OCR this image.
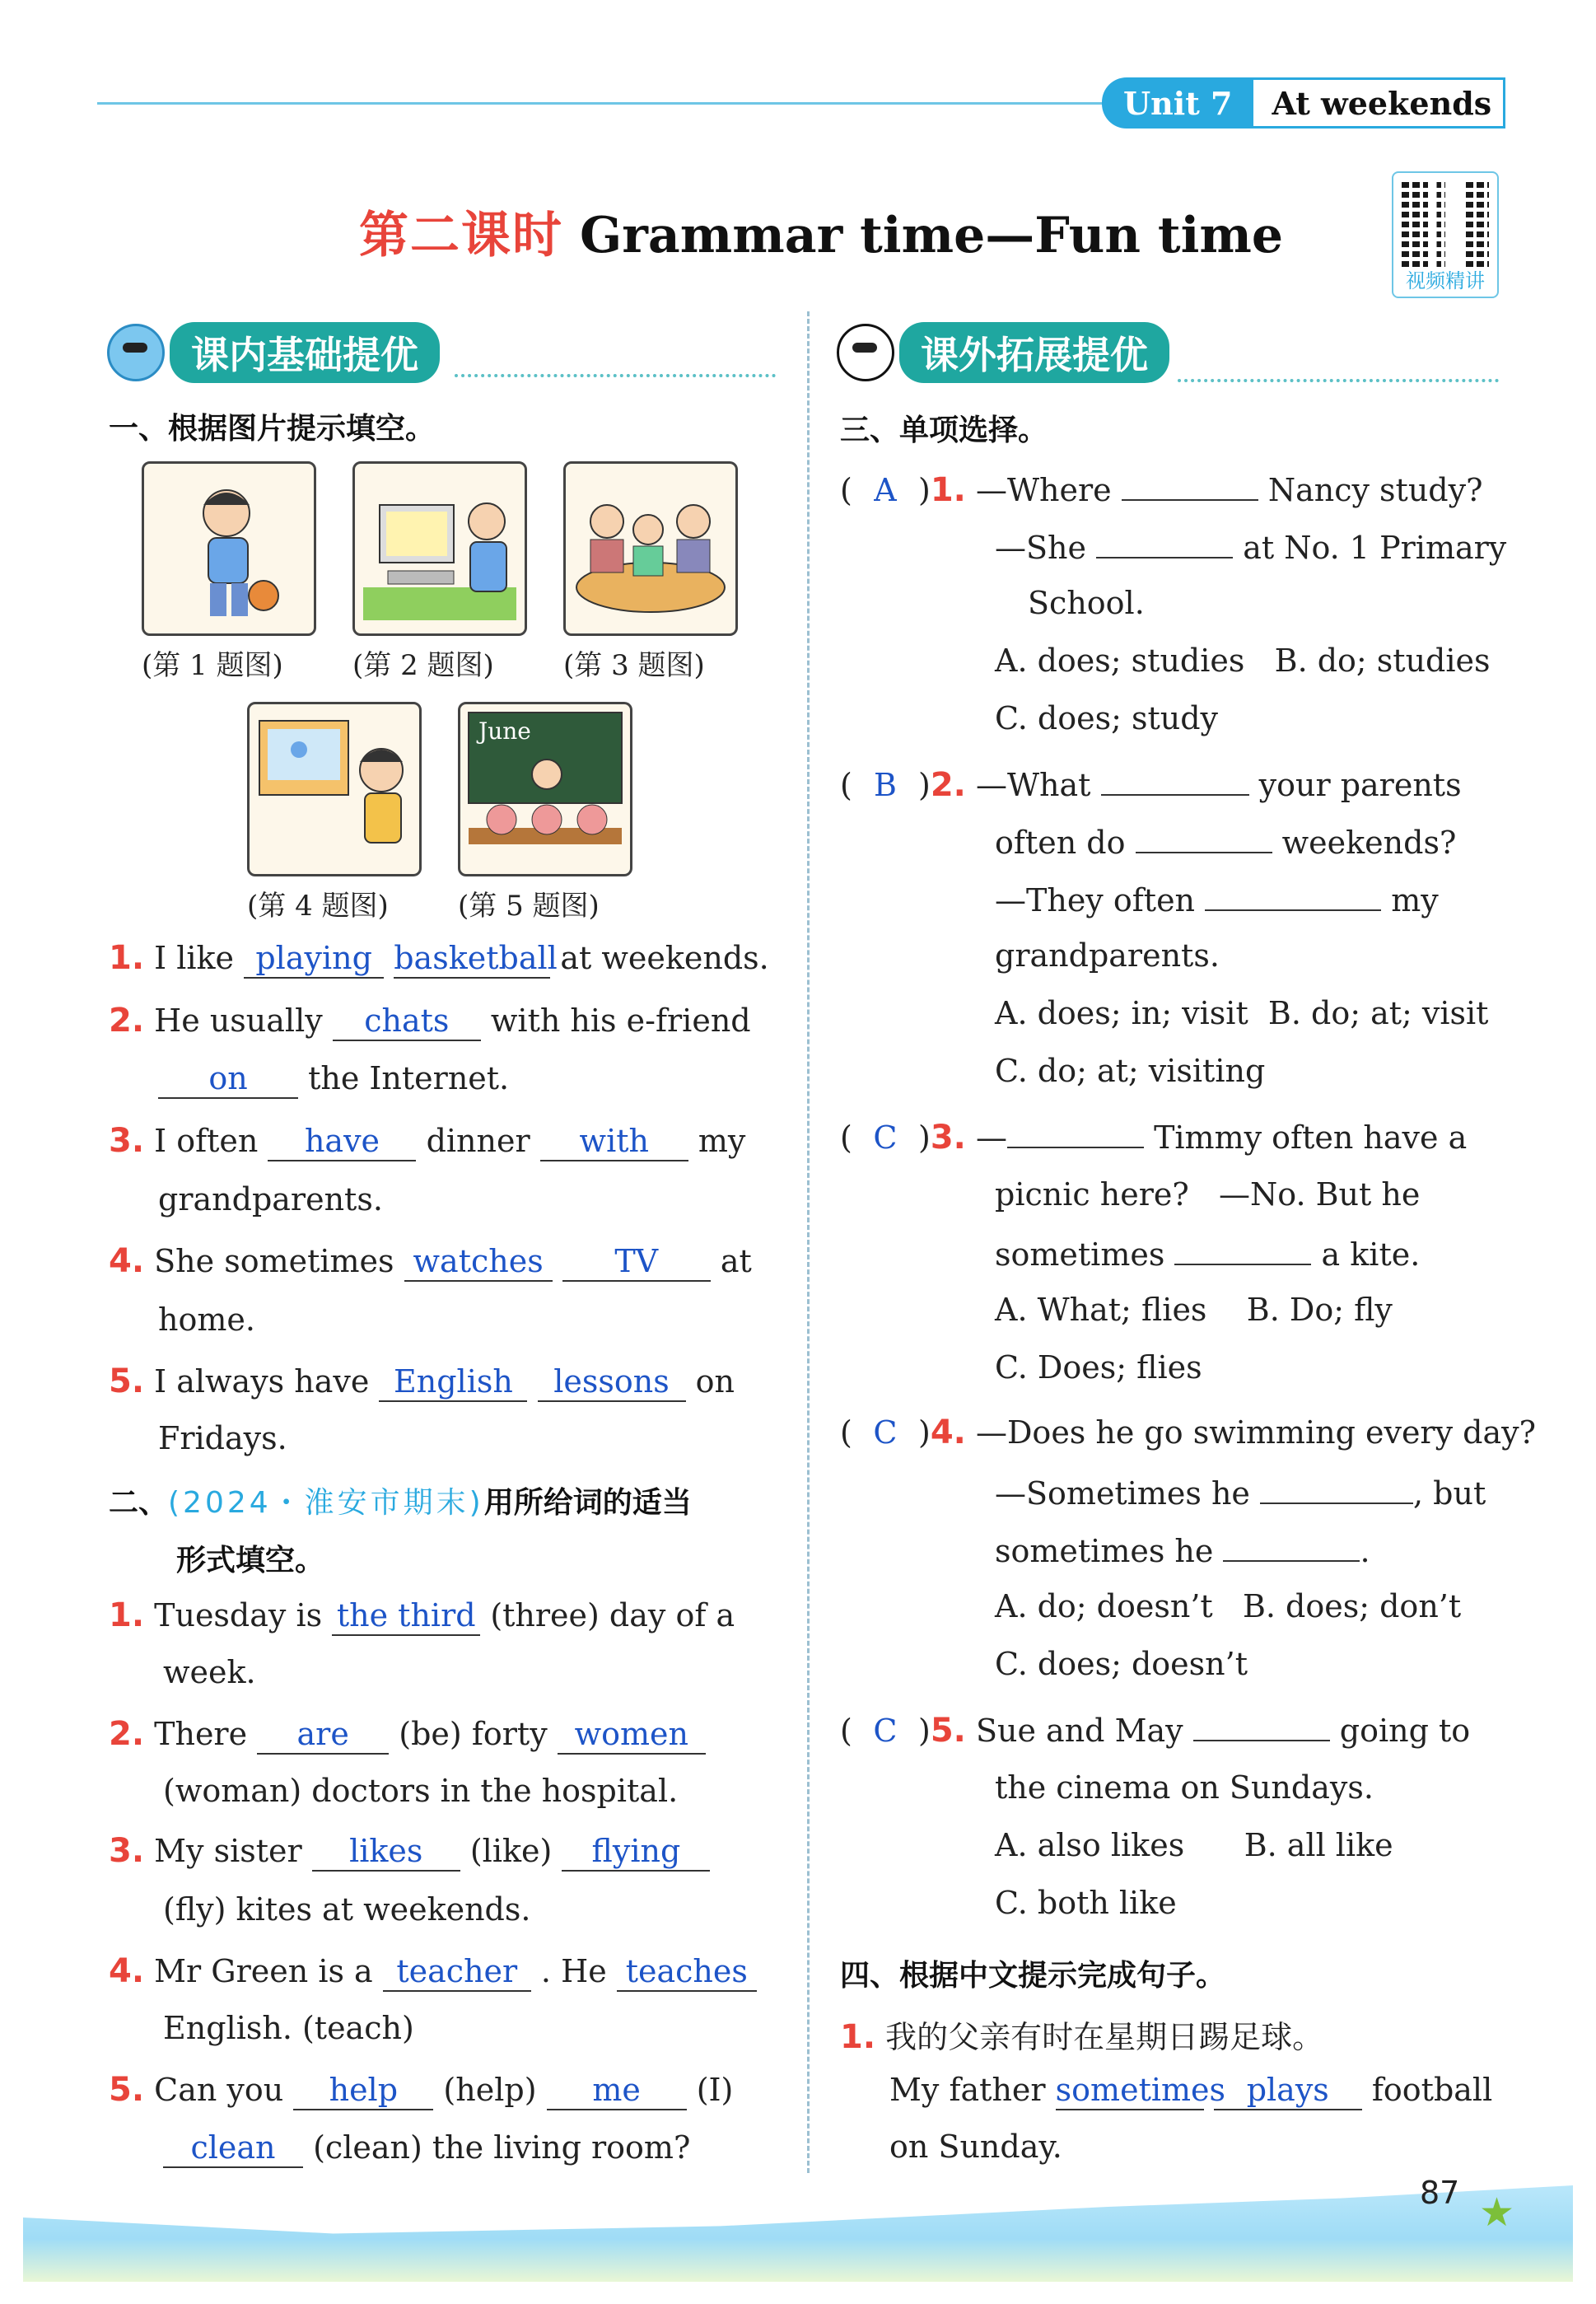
Unit 7	At weekends
第二课时 Grammar time—Fun time
视频精讲
课内基础提优	课外拓展提优
一、根据图片提示填空。
(第 1 题图) (第 2 题图) (第 3 题图)
June
(第 4 题图) (第 5 题图)
1. I like playing basketball at weekends.
2. He usually chats with his e-friend
on the Internet.
3. I often have dinner with my
grandparents.
4. She sometimes watches TV at
home.
5. I always have English lessons on
Fridays.
二、(2024・淮安市期末)用所给词的适当
形式填空。
1. Tuesday is the third (three) day of a
week.
2. There are (be) forty women
(woman) doctors in the hospital.
3. My sister likes (like) flying
(fly) kites at weekends.
4. Mr Green is a teacher . He teaches
English. (teach)
5. Can you help (help) me (I)
clean (clean) the living room?
三、单项选择。
( A )1. —Where	Nancy study?
—She	at No. 1 Primary
School.
A. does; studies B. do; studies
C. does; study
( B )2. —What	your parents
often do	weekends?
—They often	my
grandparents.
A. does; in; visit B. do; at; visit
C. do; at; visiting
( C )3. —	Timmy often have a
picnic here? —No. But he
sometimes	a kite.
A. What; flies B. Do; fly
C. Does; flies
( C )4. —Does he go swimming every day?
—Sometimes he	, but
sometimes he	.
A. do; doesn’t B. does; don’t
C. does; doesn’t
( C )5. Sue and May	going to
the cinema on Sundays.
A. also likes B. all like
C. both like
四、根据中文提示完成句子。
1. 我的父亲有时在星期日踢足球。
My father sometimes plays football
on Sunday.
87 ★
